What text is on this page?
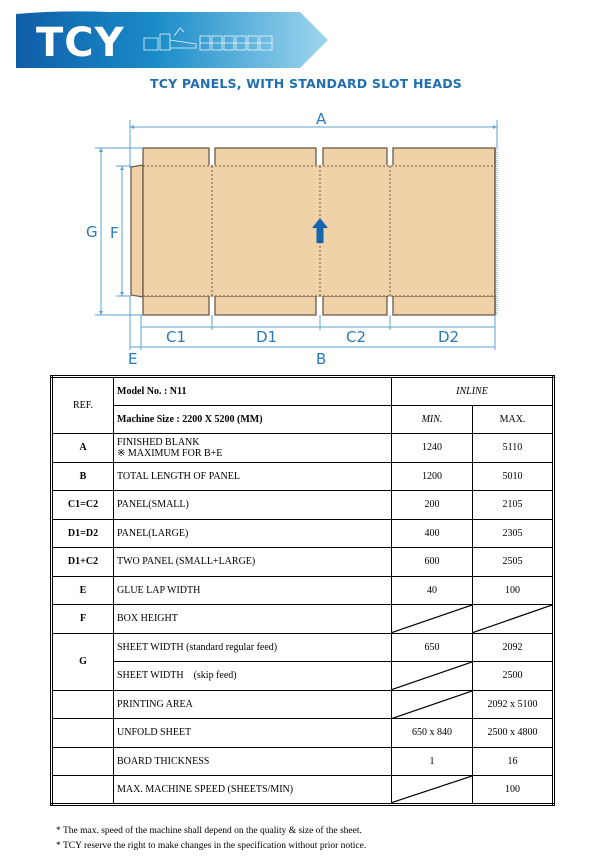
TCY
TCY PANELS, WITH STANDARD SLOT HEADS
A
G F
C1	D1	C2	D2
E	B
REF.	Model No. : N11	INLINE	
	Machine Size : 2200 X 5200 (MM)	MIN.	MAX.
A	FINISHED BLANK
※ MAXIMUM FOR B+E	1240	5110
B	TOTAL LENGTH OF PANEL	1200	5010
C1=C2	PANEL(SMALL)	200	2105
D1=D2	PANEL(LARGE)	400	2305
D1+C2	TWO PANEL (SMALL+LARGE)	600	2505
E	GLUE LAP WIDTH	40	100
F	BOX HEIGHT	

G	SHEET WIDTH (standard regular feed)	650	2092
	SHEET WIDTH    (skip feed)		2500
	PRINTING AREA		2092 x 5100
	UNFOLD SHEET	650 x 840	2500 x 4800
	BOARD THICKNESS	1	16
	MAX. MACHINE SPEED (SHEETS/MIN)		100
* The max. speed of the machine shall depend on the quality & size of the sheet.
* TCY reserve the right to make changes in the specification without prior notice.
